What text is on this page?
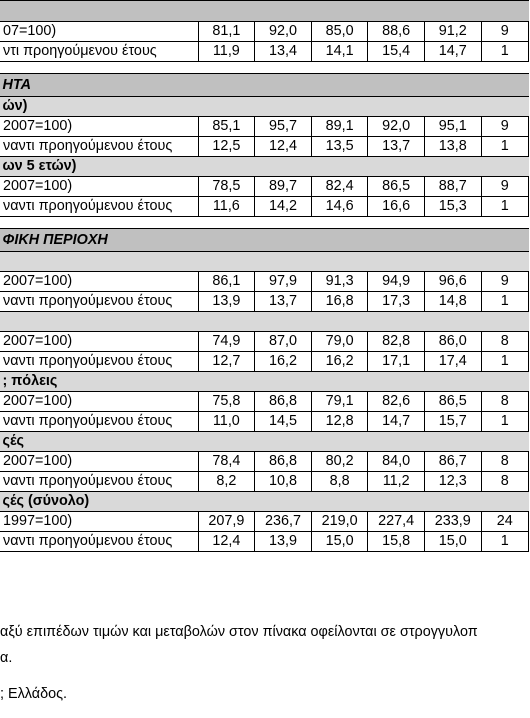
07=100)	81,1	92,0	85,0	88,6	91,2	9
ντι προηγούμενου έτους	11,9	13,4	14,1	15,4	14,7	1

ΗΤΑ						
ών)						
2007=100)	85,1	95,7	89,1	92,0	95,1	9
ναντι προηγούμενου έτους	12,5	12,4	13,5	13,7	13,8	1
ων 5 ετών)						
2007=100)	78,5	89,7	82,4	86,5	88,7	9
ναντι προηγούμενου έτους	11,6	14,2	14,6	16,6	15,3	1

ΦΙΚΗ ΠΕΡΙΟΧΗ						

2007=100)	86,1	97,9	91,3	94,9	96,6	9
ναντι προηγούμενου έτους	13,9	13,7	16,8	17,3	14,8	1

2007=100)	74,9	87,0	79,0	82,8	86,0	8
ναντι προηγούμενου έτους	12,7	16,2	16,2	17,1	17,4	1
; πόλεις						
2007=100)	75,8	86,8	79,1	82,6	86,5	8
ναντι προηγούμενου έτους	11,0	14,5	12,8	14,7	15,7	1
ςές						
2007=100)	78,4	86,8	80,2	84,0	86,7	8
ναντι προηγούμενου έτους	8,2	10,8	8,8	11,2	12,3	8
ςές (σύνολο)						
1997=100)	207,9	236,7	219,0	227,4	233,9	24
ναντι προηγούμενου έτους	12,4	13,9	15,0	15,8	15,0	1

αξύ επιπέδων τιμών και μεταβολών στον πίνακα οφείλονται σε στρογγυλοπ

α.

; Ελλάδος.
